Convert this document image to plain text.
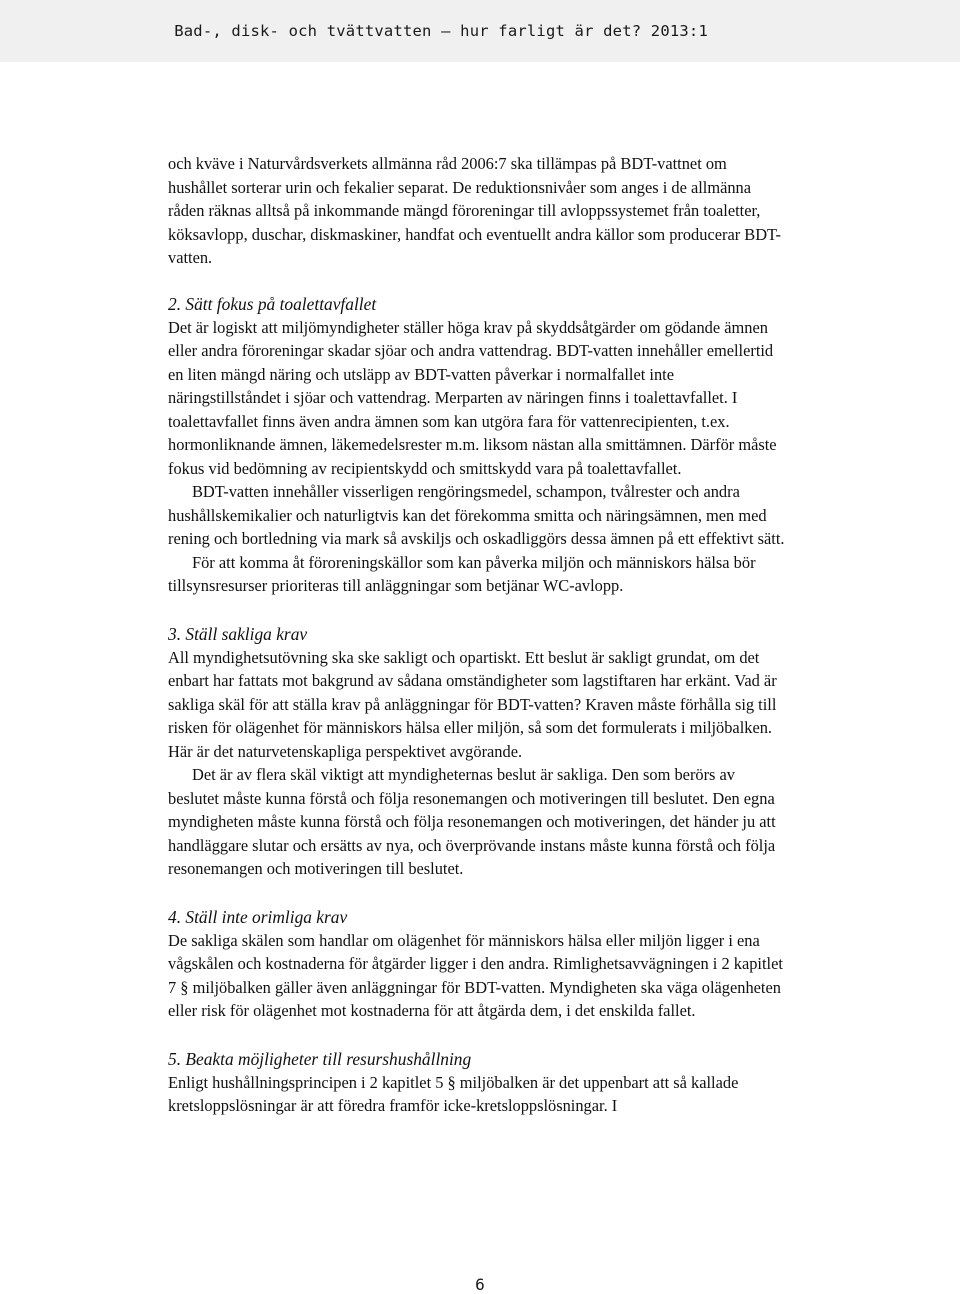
Bad-, disk- och tvättvatten – hur farligt är det? 2013:1

och kväve i Naturvårdsverkets allmänna råd 2006:7 ska tillämpas på BDT-vattnet om hushållet sorterar urin och fekalier separat. De reduktionsnivåer som anges i de allmänna råden räknas alltså på inkommande mängd föroreningar till avloppssystemet från toaletter, köksavlopp, duschar, diskmaskiner, handfat och eventuellt andra källor som producerar BDT-vatten.

2. Sätt fokus på toalettavfallet

Det är logiskt att miljömyndigheter ställer höga krav på skyddsåtgärder om gödande ämnen eller andra föroreningar skadar sjöar och andra vattendrag. BDT-vatten innehåller emellertid en liten mängd näring och utsläpp av BDT-vatten påverkar i normalfallet inte näringstillståndet i sjöar och vattendrag. Merparten av näringen finns i toalettavfallet. I toalettavfallet finns även andra ämnen som kan utgöra fara för vattenrecipienten, t.ex. hormonliknande ämnen, läkemedelsrester m.m. liksom nästan alla smittämnen. Därför måste fokus vid bedömning av recipientskydd och smittskydd vara på toalettavfallet.

BDT-vatten innehåller visserligen rengöringsmedel, schampon, tvålrester och andra hushållskemikalier och naturligtvis kan det förekomma smitta och näringsämnen, men med rening och bortledning via mark så avskiljs och oskadliggörs dessa ämnen på ett effektivt sätt.

För att komma åt föroreningskällor som kan påverka miljön och människors hälsa bör tillsynsresurser prioriteras till anläggningar som betjänar WC-avlopp.

3. Ställ sakliga krav

All myndighetsutövning ska ske sakligt och opartiskt. Ett beslut är sakligt grundat, om det enbart har fattats mot bakgrund av sådana omständigheter som lagstiftaren har erkänt. Vad är sakliga skäl för att ställa krav på anläggningar för BDT-vatten? Kraven måste förhålla sig till risken för olägenhet för människors hälsa eller miljön, så som det formulerats i miljöbalken. Här är det naturvetenskapliga perspektivet avgörande.

Det är av flera skäl viktigt att myndigheternas beslut är sakliga. Den som berörs av beslutet måste kunna förstå och följa resonemangen och motiveringen till beslutet. Den egna myndigheten måste kunna förstå och följa resonemangen och motiveringen, det händer ju att handläggare slutar och ersätts av nya, och överprövande instans måste kunna förstå och följa resonemangen och motiveringen till beslutet.

4. Ställ inte orimliga krav

De sakliga skälen som handlar om olägenhet för människors hälsa eller miljön ligger i ena vågskålen och kostnaderna för åtgärder ligger i den andra. Rimlighetsavvägningen i 2 kapitlet 7 § miljöbalken gäller även anläggningar för BDT-vatten. Myndigheten ska väga olägenheten eller risk för olägenhet mot kostnaderna för att åtgärda dem, i det enskilda fallet.

5. Beakta möjligheter till resurshushållning

Enligt hushållningsprincipen i 2 kapitlet 5 § miljöbalken är det uppenbart att så kallade kretsloppslösningar är att föredra framför icke-kretsloppslösningar. I

6
